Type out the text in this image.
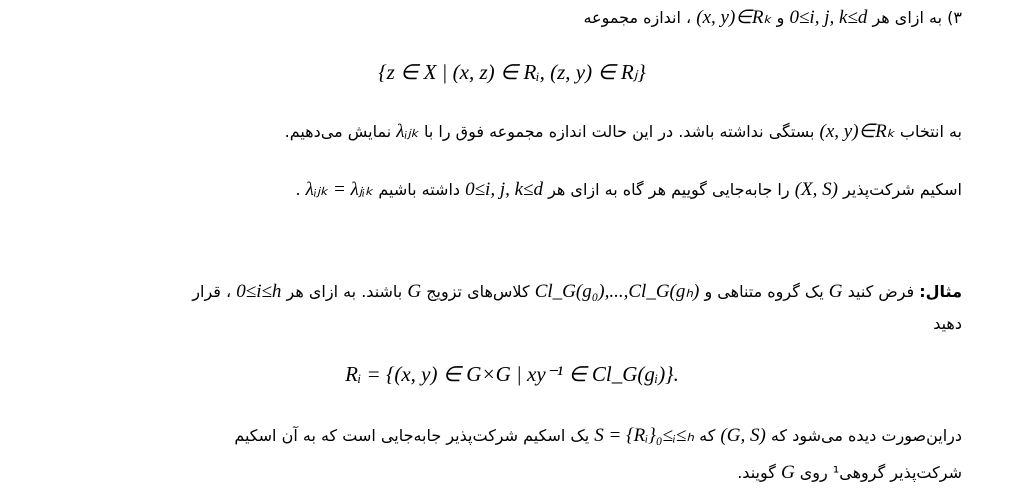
۳) به ازای هر 0≤i, j, k≤d و (x, y)∈Rₖ ، اندازه مجموعه
{z ∈ X | (x, z) ∈ Rᵢ, (z, y) ∈ Rⱼ}
به انتخاب (x, y)∈Rₖ بستگی نداشته باشد. در این حالت اندازه مجموعه فوق را با λᵢⱼₖ نمایش می‌دهیم.
اسکیم شرکت‌پذیر (X, S) را جابه‌جایی گوییم هر گاه به ازای هر 0≤i, j, k≤d داشته باشیم λᵢⱼₖ = λⱼᵢₖ .
مثال: فرض کنید G یک گروه متناهی و Cl_G(g₀),...,Cl_G(gₕ) کلاس‌های تزویج G باشند. به ازای هر 0≤i≤h ، قرار
دهید
Rᵢ = {(x, y) ∈ G×G | xy⁻¹ ∈ Cl_G(gᵢ)}.
دراین‌صورت دیده می‌شود که (G, S) که S = {Rᵢ}₀≤ᵢ≤ₕ یک اسکیم شرکت‌پذیر جابه‌جایی است که به آن اسکیم
شرکت‌پذیر گروهی¹ روی G گویند.
